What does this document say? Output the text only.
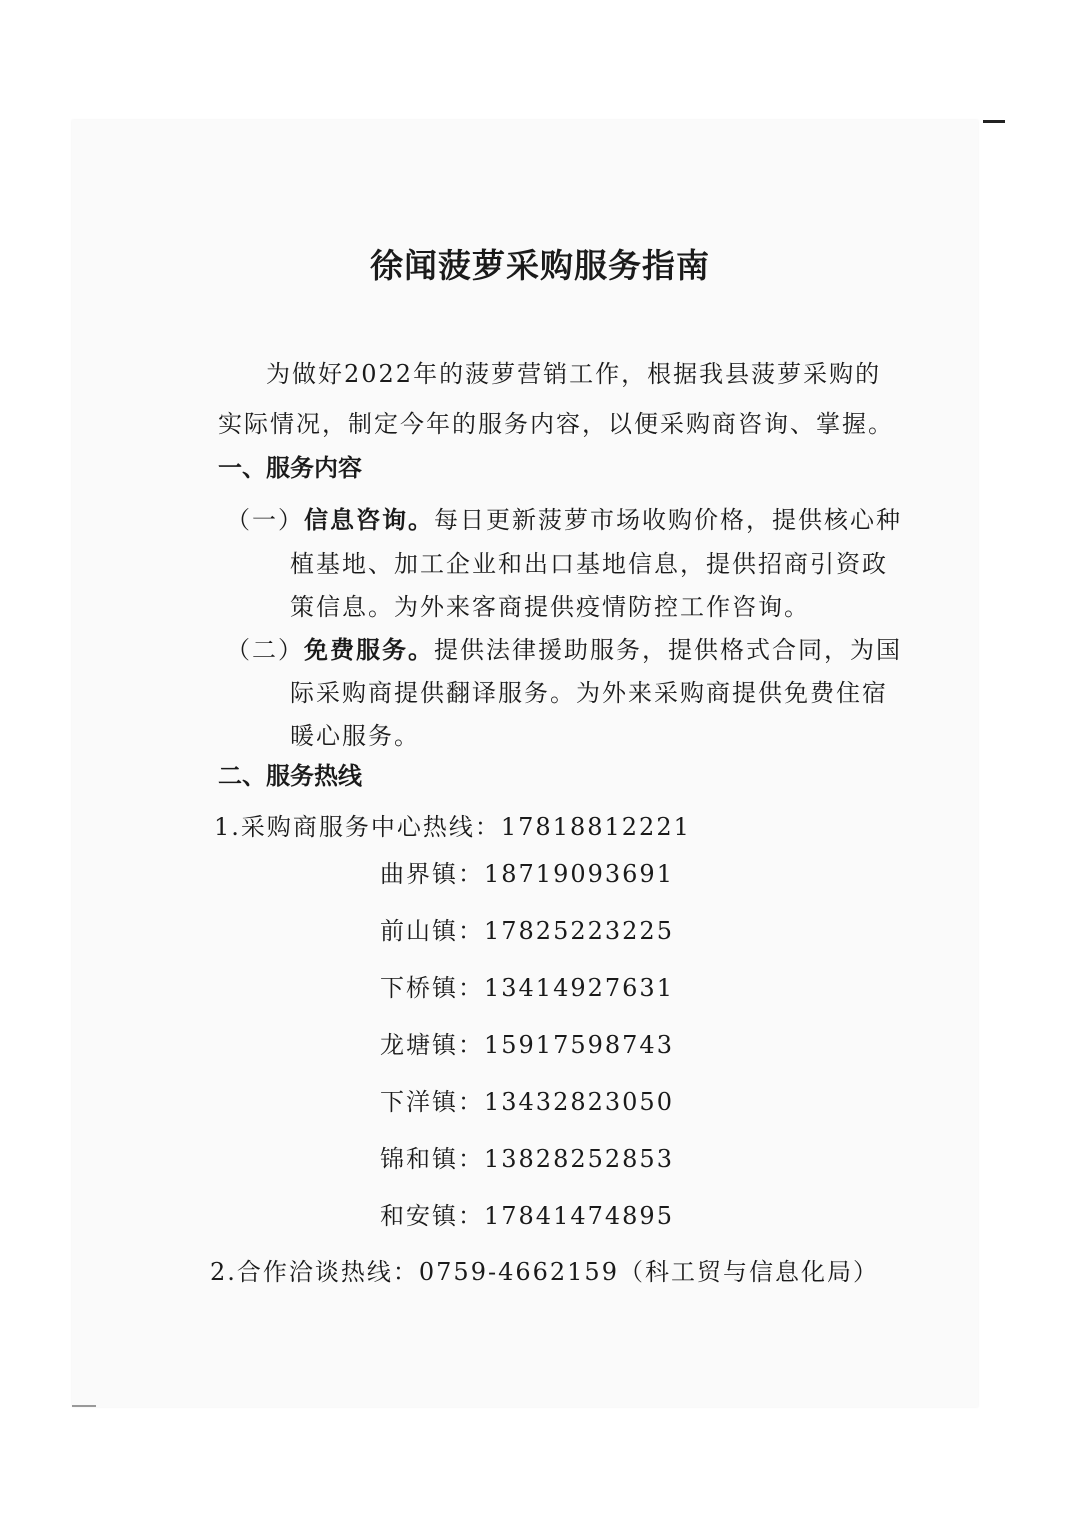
徐闻菠萝采购服务指南
为做好2022年的菠萝营销工作，根据我县菠萝采购的
实际情况，制定今年的服务内容，以便采购商咨询、掌握。
一、服务内容
（一）信息咨询。每日更新菠萝市场收购价格，提供核心种
植基地、加工企业和出口基地信息，提供招商引资政
策信息。为外来客商提供疫情防控工作咨询。
（二）免费服务。提供法律援助服务，提供格式合同，为国
际采购商提供翻译服务。为外来采购商提供免费住宿
暖心服务。
二、服务热线
1.采购商服务中心热线：17818812221
曲界镇：18719093691
前山镇：17825223225
下桥镇：13414927631
龙塘镇：15917598743
下洋镇：13432823050
锦和镇：13828252853
和安镇：17841474895
2.合作洽谈热线：0759-4662159（科工贸与信息化局）
